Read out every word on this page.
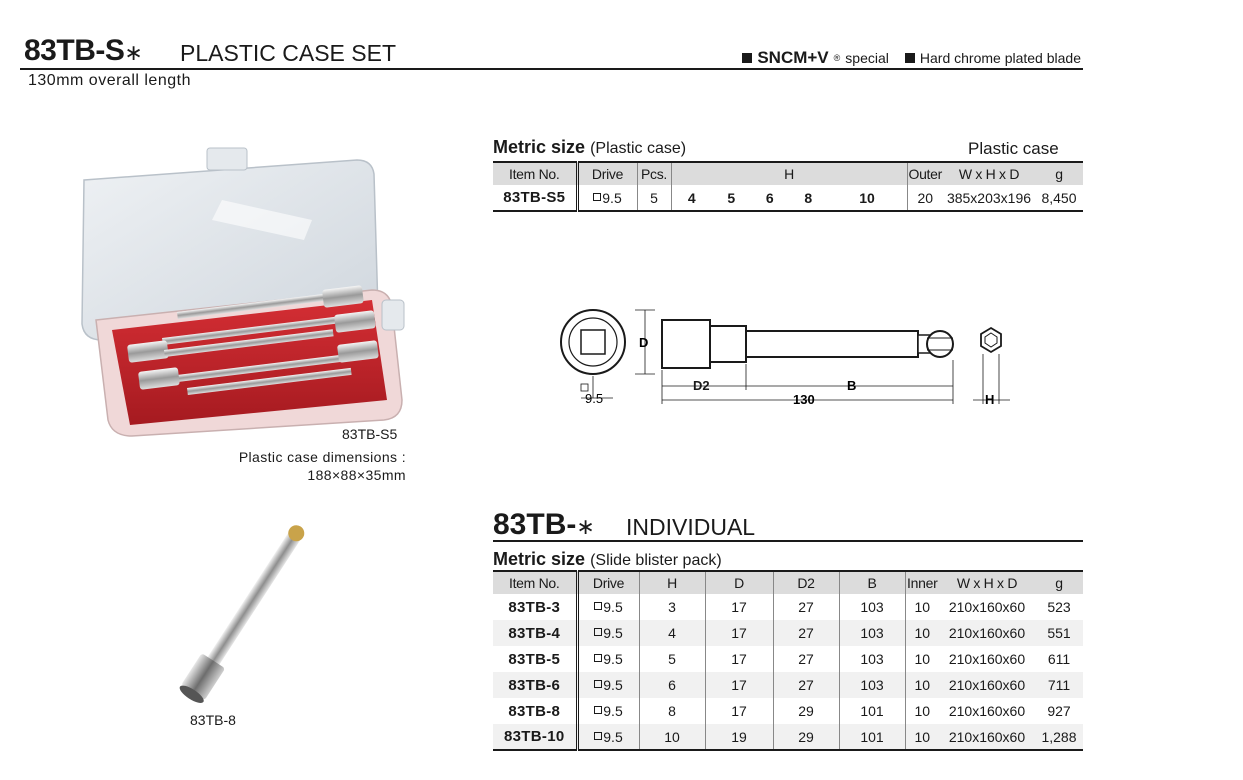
83TB-S∗ PLASTIC CASE SET	SNCM+V ® special Hard chrome plated blade
130mm overall length
83TB-S5
Plastic case dimensions :
188×88×35mm
83TB-8
Metric size (Plastic case)	Plastic case
Item No.	Drive	Pcs.	H					Outer	W x H x D	g
83TB-S5	9.5	5	4	5	6	8	10	20	385x203x196	8,450
9.5
D
D2	B
130	H
83TB-∗ INDIVIDUAL
Metric size (Slide blister pack)
Item No.	Drive	H	D	D2	B	Inner	W x H x D	g
83TB-3	9.5	3	17	27	103	10	210x160x60	523
83TB-4	9.5	4	17	27	103	10	210x160x60	551
83TB-5	9.5	5	17	27	103	10	210x160x60	611
83TB-6	9.5	6	17	27	103	10	210x160x60	711
83TB-8	9.5	8	17	29	101	10	210x160x60	927
83TB-10	9.5	10	19	29	101	10	210x160x60	1,288
